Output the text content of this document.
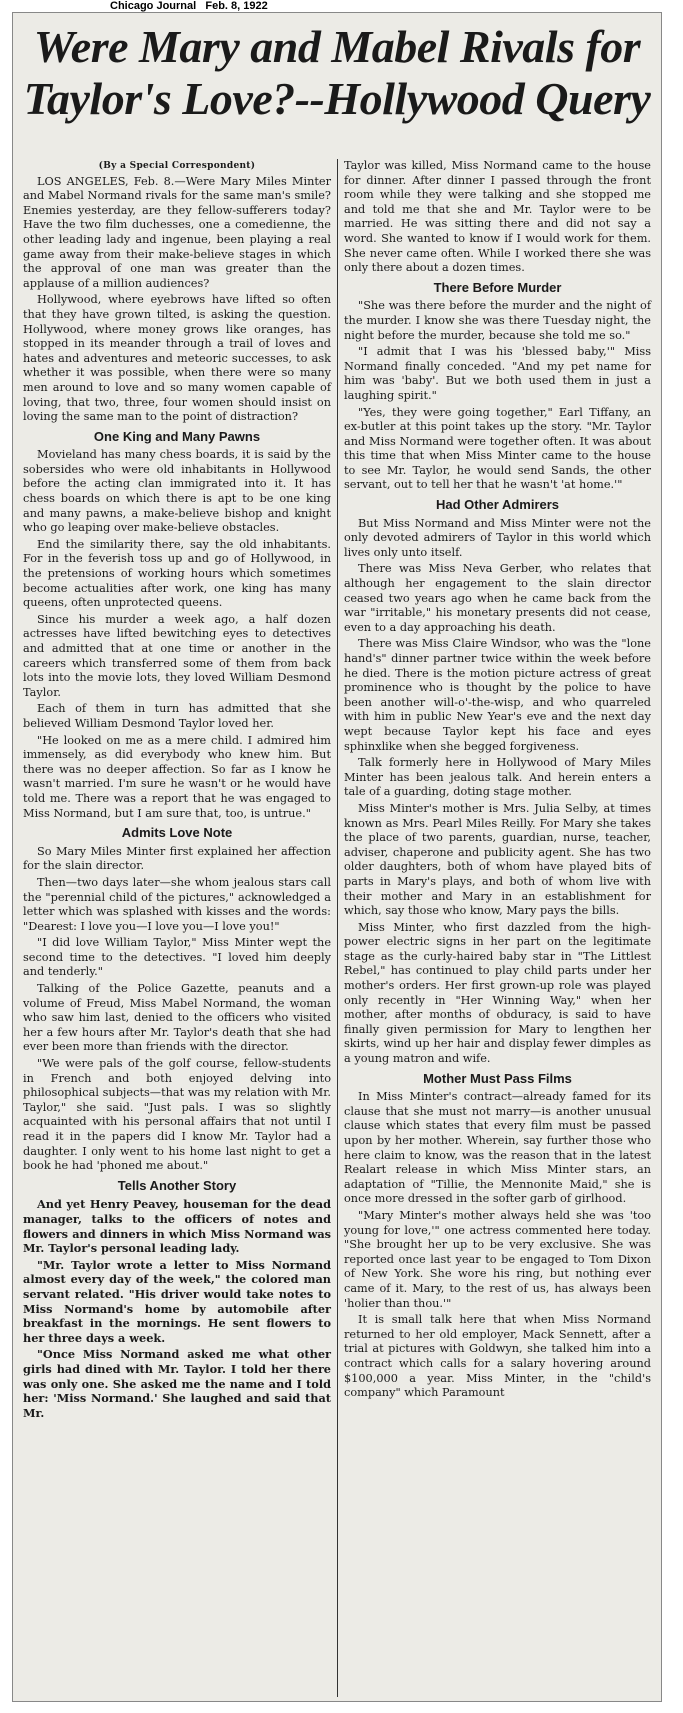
Chicago Journal Feb. 8, 1922
Were Mary and Mabel Rivals for
Taylor's Love?--Hollywood Query
(By a Special Correspondent)

LOS ANGELES, Feb. 8.—Were Mary Miles Minter and Mabel Normand rivals for the same man's smile? Enemies yesterday, are they fellow-sufferers today? Have the two film duchesses, one a comedienne, the other leading lady and ingenue, been playing a real game away from their make-believe stages in which the approval of one man was greater than the applause of a million audiences?

Hollywood, where eyebrows have lifted so often that they have grown tilted, is asking the question. Hollywood, where money grows like oranges, has stopped in its meander through a trail of loves and hates and adventures and meteoric successes, to ask whether it was possible, when there were so many men around to love and so many women capable of loving, that two, three, four women should insist on loving the same man to the point of distraction?

One King and Many Pawns

Movieland has many chess boards, it is said by the sobersides who were old inhabitants in Hollywood before the acting clan immigrated into it. It has chess boards on which there is apt to be one king and many pawns, a make-believe bishop and knight who go leaping over make-believe obstacles.

End the similarity there, say the old inhabitants. For in the feverish toss up and go of Hollywood, in the pretensions of working hours which sometimes become actualities after work, one king has many queens, often unprotected queens.

Since his murder a week ago, a half dozen actresses have lifted bewitching eyes to detectives and admitted that at one time or another in the careers which transferred some of them from back lots into the movie lots, they loved William Desmond Taylor.

Each of them in turn has admitted that she believed William Desmond Taylor loved her.

"He looked on me as a mere child. I admired him immensely, as did everybody who knew him. But there was no deeper affection. So far as I know he wasn't married. I'm sure he wasn't or he would have told me. There was a report that he was engaged to Miss Normand, but I am sure that, too, is untrue."

Admits Love Note

So Mary Miles Minter first explained her affection for the slain director.

Then—two days later—she whom jealous stars call the "perennial child of the pictures," acknowledged a letter which was splashed with kisses and the words: "Dearest: I love you—I love you—I love you!"

"I did love William Taylor," Miss Minter wept the second time to the detectives. "I loved him deeply and tenderly."

Talking of the Police Gazette, peanuts and a volume of Freud, Miss Mabel Normand, the woman who saw him last, denied to the officers who visited her a few hours after Mr. Taylor's death that she had ever been more than friends with the director.

"We were pals of the golf course, fellow-students in French and both enjoyed delving into philosophical subjects—that was my relation with Mr. Taylor," she said. "Just pals. I was so slightly acquainted with his personal affairs that not until I read it in the papers did I know Mr. Taylor had a daughter. I only went to his home last night to get a book he had 'phoned me about."

Tells Another Story

And yet Henry Peavey, houseman for the dead manager, talks to the officers of notes and flowers and dinners in which Miss Normand was Mr. Taylor's personal leading lady.

"Mr. Taylor wrote a letter to Miss Normand almost every day of the week," the colored man servant related. "His driver would take notes to Miss Normand's home by automobile after breakfast in the mornings. He sent flowers to her three days a week.

"Once Miss Normand asked me what other girls had dined with Mr. Taylor. I told her there was only one. She asked me the name and I told her: 'Miss Normand.' She laughed and said that Mr.

Taylor was killed, Miss Normand came to the house for dinner. After dinner I passed through the front room while they were talking and she stopped me and told me that she and Mr. Taylor were to be married. He was sitting there and did not say a word. She wanted to know if I would work for them. She never came often. While I worked there she was only there about a dozen times.

There Before Murder

"She was there before the murder and the night of the murder. I know she was there Tuesday night, the night before the murder, because she told me so."

"I admit that I was his 'blessed baby,'" Miss Normand finally conceded. "And my pet name for him was 'baby'. But we both used them in just a laughing spirit."

"Yes, they were going together," Earl Tiffany, an ex-butler at this point takes up the story. "Mr. Taylor and Miss Normand were together often. It was about this time that when Miss Minter came to the house to see Mr. Taylor, he would send Sands, the other servant, out to tell her that he wasn't 'at home.'"

Had Other Admirers

But Miss Normand and Miss Minter were not the only devoted admirers of Taylor in this world which lives only unto itself.

There was Miss Neva Gerber, who relates that although her engagement to the slain director ceased two years ago when he came back from the war "irritable," his monetary presents did not cease, even to a day approaching his death.

There was Miss Claire Windsor, who was the "lone hand's" dinner partner twice within the week before he died. There is the motion picture actress of great prominence who is thought by the police to have been another will-o'-the-wisp, and who quarreled with him in public New Year's eve and the next day wept because Taylor kept his face and eyes sphinxlike when she begged forgiveness.

Talk formerly here in Hollywood of Mary Miles Minter has been jealous talk. And herein enters a tale of a guarding, doting stage mother.

Miss Minter's mother is Mrs. Julia Selby, at times known as Mrs. Pearl Miles Reilly. For Mary she takes the place of two parents, guardian, nurse, teacher, adviser, chaperone and publicity agent. She has two older daughters, both of whom have played bits of parts in Mary's plays, and both of whom live with their mother and Mary in an establishment for which, say those who know, Mary pays the bills.

Miss Minter, who first dazzled from the high-power electric signs in her part on the legitimate stage as the curly-haired baby star in "The Littlest Rebel," has continued to play child parts under her mother's orders. Her first grown-up role was played only recently in "Her Winning Way," when her mother, after months of obduracy, is said to have finally given permission for Mary to lengthen her skirts, wind up her hair and display fewer dimples as a young matron and wife.

Mother Must Pass Films

In Miss Minter's contract—already famed for its clause that she must not marry—is another unusual clause which states that every film must be passed upon by her mother. Wherein, say further those who here claim to know, was the reason that in the latest Realart release in which Miss Minter stars, an adaptation of "Tillie, the Mennonite Maid," she is once more dressed in the softer garb of girlhood.

"Mary Minter's mother always held she was 'too young for love,'" one actress commented here today. "She brought her up to be very exclusive. She was reported once last year to be engaged to Tom Dixon of New York. She wore his ring, but nothing ever came of it. Mary, to the rest of us, has always been 'holier than thou.'"

It is small talk here that when Miss Normand returned to her old employer, Mack Sennett, after a trial at pictures with Goldwyn, she talked him into a contract which calls for a salary hovering around $100,000 a year. Miss Minter, in the "child's company" which Paramount
